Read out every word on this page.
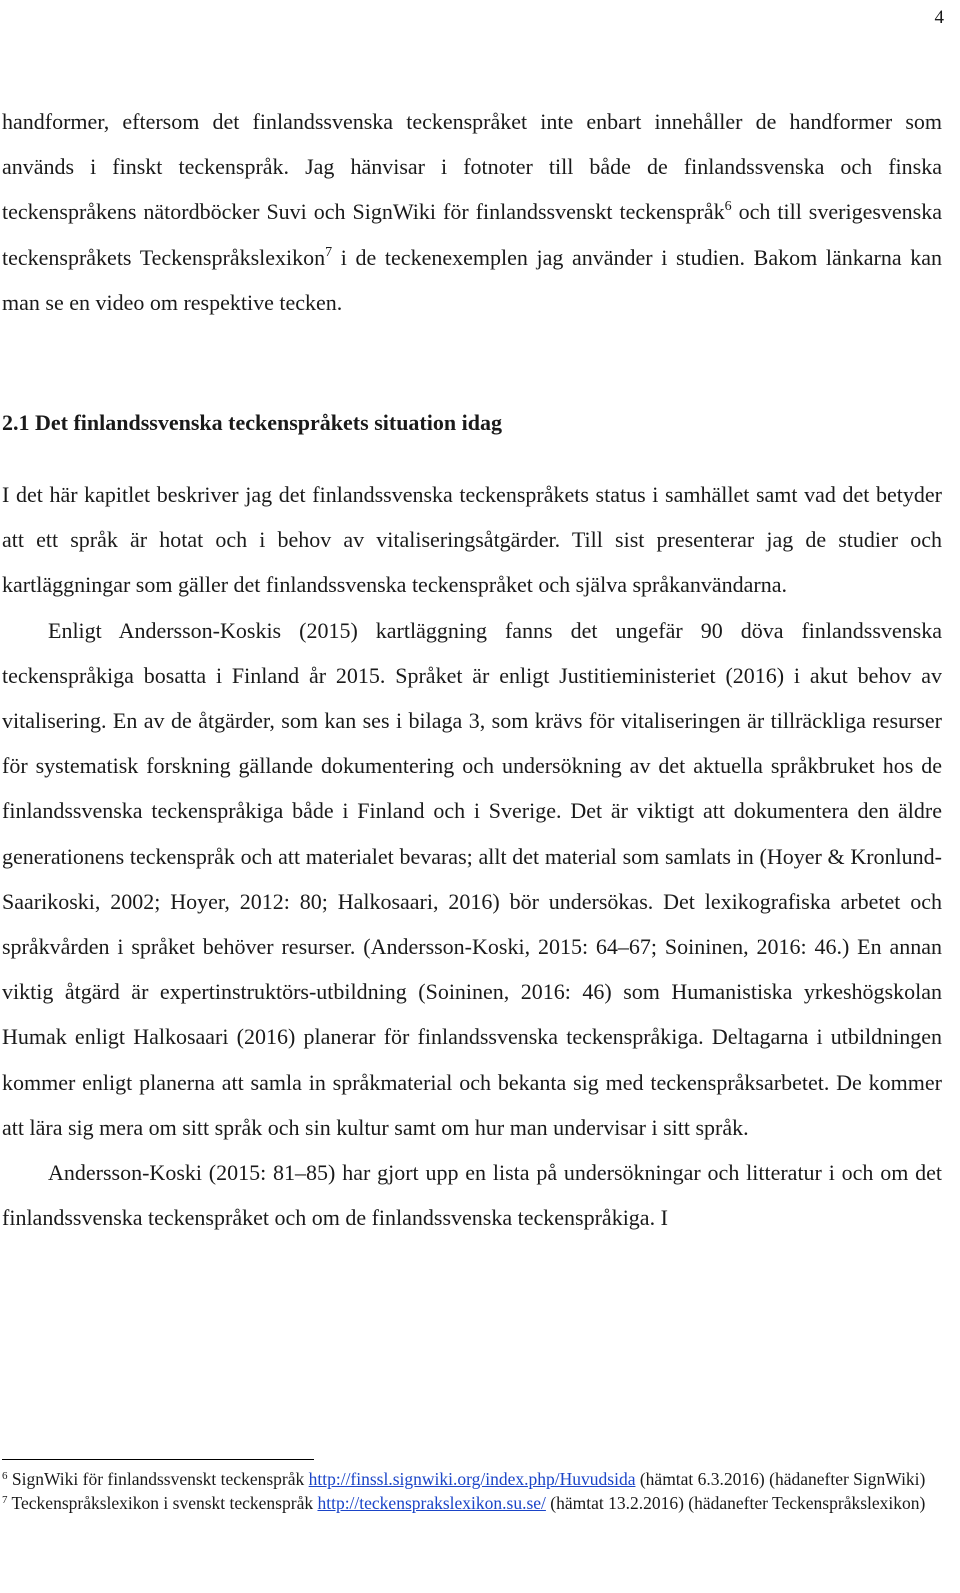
4

handformer, eftersom det finlandssvenska teckenspråket inte enbart innehåller de handformer som används i finskt teckenspråk. Jag hänvisar i fotnoter till både de finlandssvenska och finska teckenspråkens nätordböcker Suvi och SignWiki för finlandssvenskt teckenspråk$^6$ och till sverigesvenska teckenspråkets Teckenspråkslexikon$^7$ i de teckenexemplen jag använder i studien. Bakom länkarna kan man se en video om respektive tecken.

2.1 Det finlandssvenska teckenspråkets situation idag

I det här kapitlet beskriver jag det finlandssvenska teckenspråkets status i samhället samt vad det betyder att ett språk är hotat och i behov av vitaliseringsåtgärder. Till sist presenterar jag de studier och kartläggningar som gäller det finlandssvenska teckenspråket och själva språkanvändarna.

Enligt Andersson-Koskis (2015) kartläggning fanns det ungefär 90 döva finlandssvenska teckenspråkiga bosatta i Finland år 2015. Språket är enligt Justitieministeriet (2016) i akut behov av vitalisering. En av de åtgärder, som kan ses i bilaga 3, som krävs för vitaliseringen är tillräckliga resurser för systematisk forskning gällande dokumentering och undersökning av det aktuella språkbruket hos de finlandssvenska teckenspråkiga både i Finland och i Sverige. Det är viktigt att dokumentera den äldre generationens teckenspråk och att materialet bevaras; allt det material som samlats in (Hoyer & Kronlund-Saarikoski, 2002; Hoyer, 2012: 80; Halkosaari, 2016) bör undersökas. Det lexikografiska arbetet och språkvården i språket behöver resurser. (Andersson-Koski, 2015: 64–67; Soininen, 2016: 46.) En annan viktig åtgärd är expertinstruktörs-utbildning (Soininen, 2016: 46) som Humanistiska yrkeshögskolan Humak enligt Halkosaari (2016) planerar för finlandssvenska teckenspråkiga. Deltagarna i utbildningen kommer enligt planerna att samla in språkmaterial och bekanta sig med teckenspråksarbetet. De kommer att lära sig mera om sitt språk och sin kultur samt om hur man undervisar i sitt språk.

Andersson-Koski (2015: 81–85) har gjort upp en lista på undersökningar och litteratur i och om det finlandssvenska teckenspråket och om de finlandssvenska teckenspråkiga. I

$^6$ SignWiki för finlandssvenskt teckenspråk http://finssl.signwiki.org/index.php/Huvudsida (hämtat 6.3.2016) (hädanefter SignWiki)

$^7$ Teckenspråkslexikon i svenskt teckenspråk http://teckensprakslexikon.su.se/ (hämtat 13.2.2016) (hädanefter Teckenspråkslexikon)
